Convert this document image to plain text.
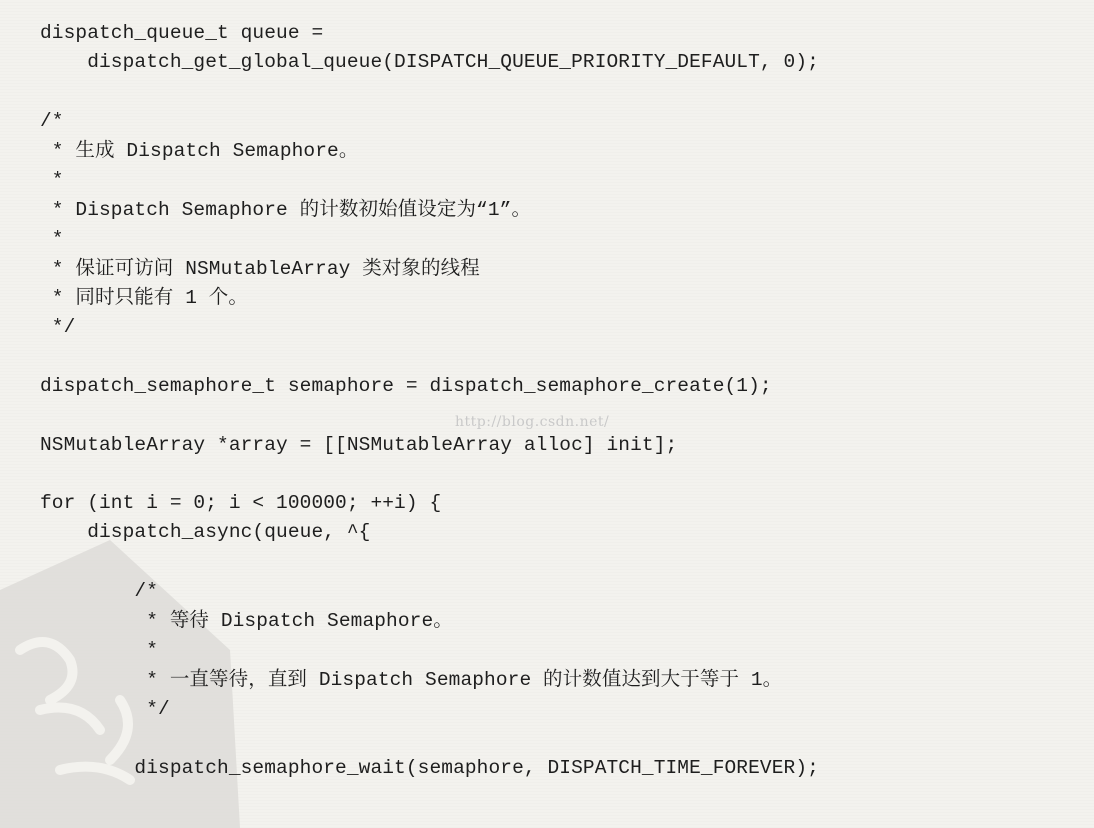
dispatch_queue_t queue =
dispatch_get_global_queue(DISPATCH_QUEUE_PRIORITY_DEFAULT, 0);
/*
* 生成 Dispatch Semaphore。
*
* Dispatch Semaphore 的计数初始值设定为“1”。
*
* 保证可访问 NSMutableArray 类对象的线程
* 同时只能有 1 个。
*/
dispatch_semaphore_t semaphore = dispatch_semaphore_create(1);
http://blog.csdn.net/
NSMutableArray *array = [[NSMutableArray alloc] init];
for (int i = 0; i < 100000; ++i) {
dispatch_async(queue, ^{
/*
* 等待 Dispatch Semaphore。
*
* 一直等待，直到 Dispatch Semaphore 的计数值达到大于等于 1。
*/
dispatch_semaphore_wait(semaphore, DISPATCH_TIME_FOREVER);
